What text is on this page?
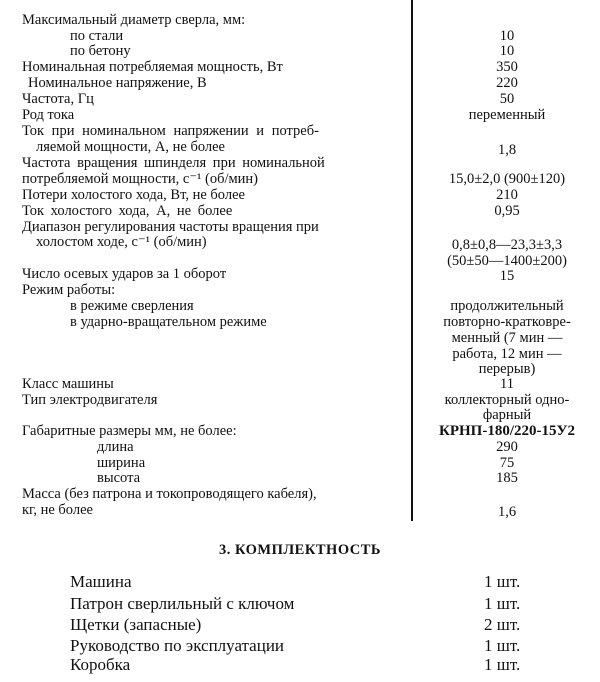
Максимальный диаметр сверла, мм:
по стали	10
по бетону	10
Номинальная потребляемая мощность, Вт	350
Номинальное напряжение, В	220
Частота, Гц	50
Род тока	переменный
Ток при номинальном напряжении и потреб-
ляемой мощности, А, не более	1,8
Частота вращения шпинделя при номинальной
потребляемой мощности, с⁻¹ (об/мин)	15,0±2,0 (900±120)
Потери холостого хода, Вт, не более	210
Ток холостого хода, А, не более	0,95
Диапазон регулирования частоты вращения при
холостом ходе, с⁻¹ (об/мин)	0,8±0,8—23,3±3,3
(50±50—1400±200)
Число осевых ударов за 1 оборот	15
Режим работы:
в режиме сверления	продолжительный
в ударно-вращательном режиме	повторно-кратковре-
менный (7 мин —
работа, 12 мин —
перерыв)
Класс машины	11
Тип электродвигателя	коллекторный одно-
фарный
Габаритные размеры мм, не более:	КРНП-180/220-15У2
длина	290
ширина	75
высота	185
Масса (без патрона и токопроводящего кабеля),
кг, не более	1,6
3. КОМПЛЕКТНОСТЬ
Машина	1 шт.
Патрон сверлильный с ключом	1 шт.
Щетки (запасные)	2 шт.
Руководство по эксплуатации	1 шт.
Коробка	1 шт.
